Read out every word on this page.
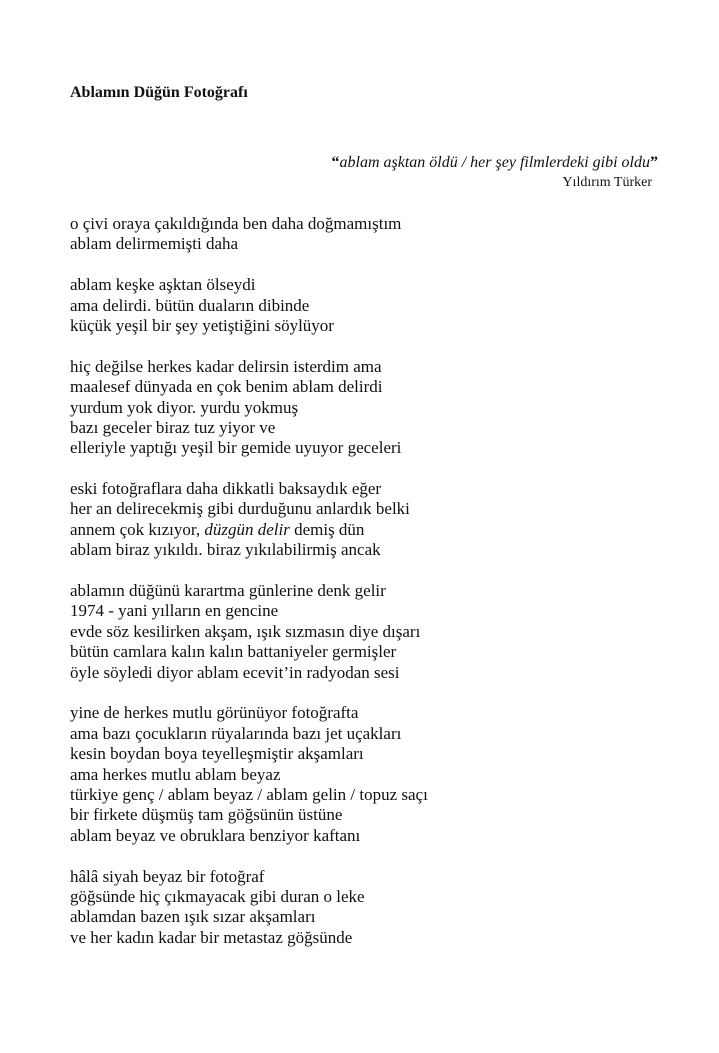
Ablamın Düğün Fotoğrafı
“ablam aşktan öldü / her şey filmlerdeki gibi oldu”
Yıldırım Türker
o çivi oraya çakıldığında ben daha doğmamıştım
ablam delirmemişti daha
ablam keşke aşktan ölseydi
ama delirdi. bütün duaların dibinde
küçük yeşil bir şey yetiştiğini söylüyor
hiç değilse herkes kadar delirsin isterdim ama
maalesef dünyada en çok benim ablam delirdi
yurdum yok diyor. yurdu yokmuş
bazı geceler biraz tuz yiyor ve
elleriyle yaptığı yeşil bir gemide uyuyor geceleri
eski fotoğraflara daha dikkatli baksaydık eğer
her an delirecekmiş gibi durduğunu anlardık belki
annem çok kızıyor, düzgün delir demiş dün
ablam biraz yıkıldı. biraz yıkılabilirmiş ancak
ablamın düğünü karartma günlerine denk gelir
1974 - yani yılların en gencine
evde söz kesilirken akşam, ışık sızmasın diye dışarı
bütün camlara kalın kalın battaniyeler germişler
öyle söyledi diyor ablam ecevit’in radyodan sesi
yine de herkes mutlu görünüyor fotoğrafta
ama bazı çocukların rüyalarında bazı jet uçakları
kesin boydan boya teyelleşmiştir akşamları
ama herkes mutlu ablam beyaz
türkiye genç / ablam beyaz / ablam gelin / topuz saçı
bir firkete düşmüş tam göğsünün üstüne
ablam beyaz ve obruklara benziyor kaftanı
hâlâ siyah beyaz bir fotoğraf
göğsünde hiç çıkmayacak gibi duran o leke
ablamdan bazen ışık sızar akşamları
ve her kadın kadar bir metastaz göğsünde
